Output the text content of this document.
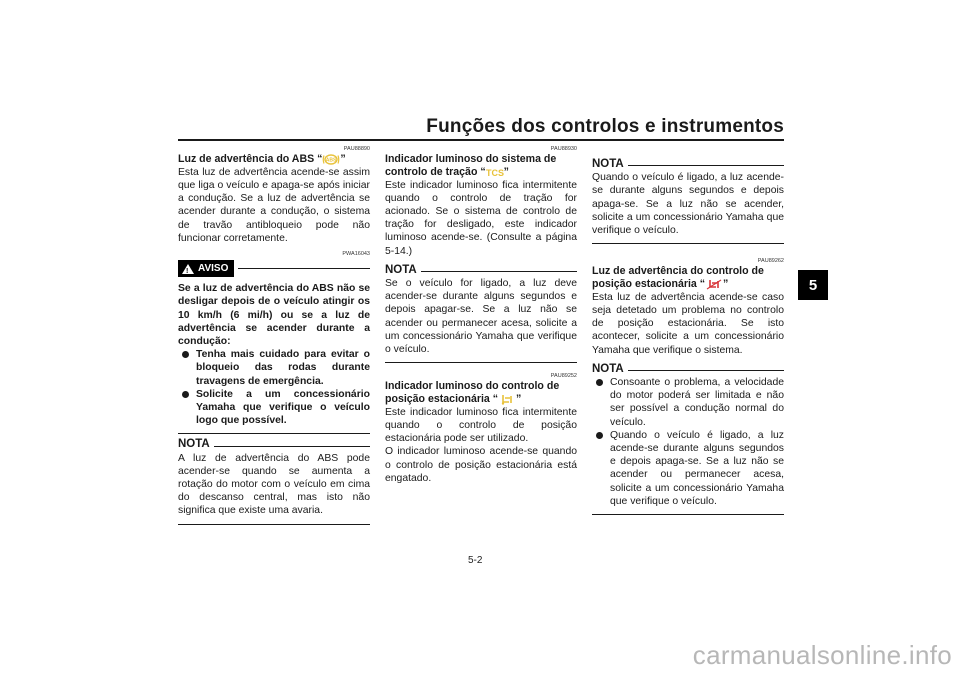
Funções dos controlos e instrumentos
5
PAU88890
Luz de advertência do ABS “ ABS ”

Esta luz de advertência acende-se assim que liga o veículo e apaga-se após iniciar a condução. Se a luz de advertência se acender durante a condução, o sistema de travão antibloqueio pode não funcionar corretamente.

PWA16043
! AVISO

Se a luz de advertência do ABS não se desligar depois de o veículo atingir os 10 km/h (6 mi/h) ou se a luz de advertência se acender durante a condução:

Tenha mais cuidado para evitar o bloqueio das rodas durante travagens de emergência.
Solicite a um concessionário Yamaha que verifique o veículo logo que possível.
NOTA

A luz de advertência do ABS pode acender-se quando se aumenta a rotação do motor com o veículo em cima do descanso central, mas isto não significa que existe uma avaria.

PAU88930
Indicador luminoso do sistema de controlo de tração “ TCS ”

Este indicador luminoso fica intermitente quando o controlo de tração for acionado. Se o sistema de controlo de tração for desligado, este indicador luminoso acende-se. (Consulte a página 5-14.)

NOTA

Se o veículo for ligado, a luz deve acender-se durante alguns segundos e depois apagar-se. Se a luz não se acender ou permanecer acesa, solicite a um concessionário Yamaha que verifique o veículo.

PAU89252
Indicador luminoso do controlo de posição estacionária “ ”

Este indicador luminoso fica intermitente quando o controlo de posição estacionária pode ser utilizado.

O indicador luminoso acende-se quando o controlo de posição estacionária está engatado.

NOTA

Quando o veículo é ligado, a luz acende-se durante alguns segundos e depois apaga-se. Se a luz não se acender, solicite a um concessionário Yamaha que verifique o veículo.

PAU89262
Luz de advertência do controlo de posição estacionária “ ”

Esta luz de advertência acende-se caso seja detetado um problema no controlo de posição estacionária. Se isto acontecer, solicite a um concessionário Yamaha que verifique o sistema.

NOTA
Consoante o problema, a velocidade do motor poderá ser limitada e não ser possível a condução normal do veículo.
Quando o veículo é ligado, a luz acende-se durante alguns segundos e depois apaga-se. Se a luz não se acender ou permanecer acesa, solicite a um concessionário Yamaha que verifique o veículo.
5-2
carmanualsonline.info
